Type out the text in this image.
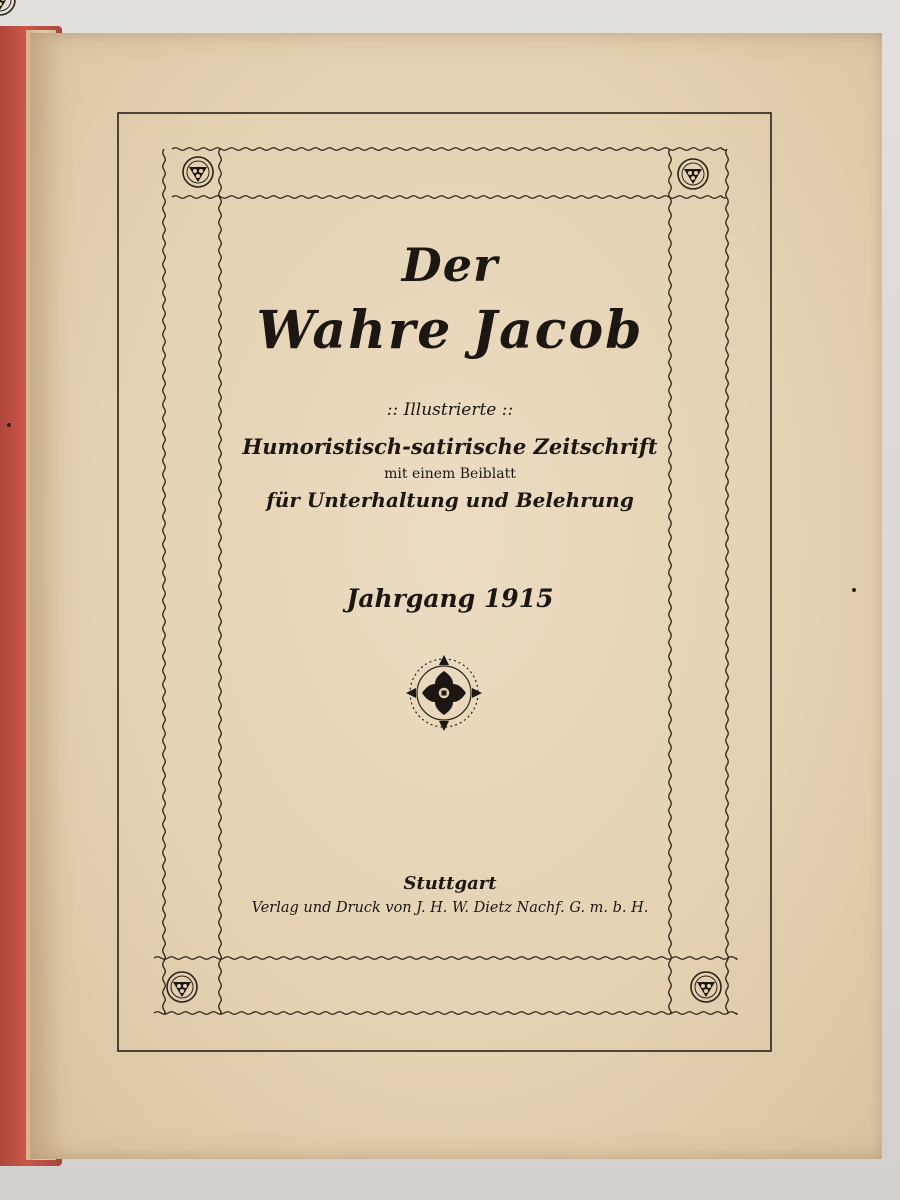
Der
Wahre Jacob
:: Illustrierte ::
Humoristisch-satirische Zeitschrift
mit einem Beiblatt
für Unterhaltung und Belehrung
Jahrgang 1915
Stuttgart
Verlag und Druck von J. H. W. Dietz Nachf. G. m. b. H.
